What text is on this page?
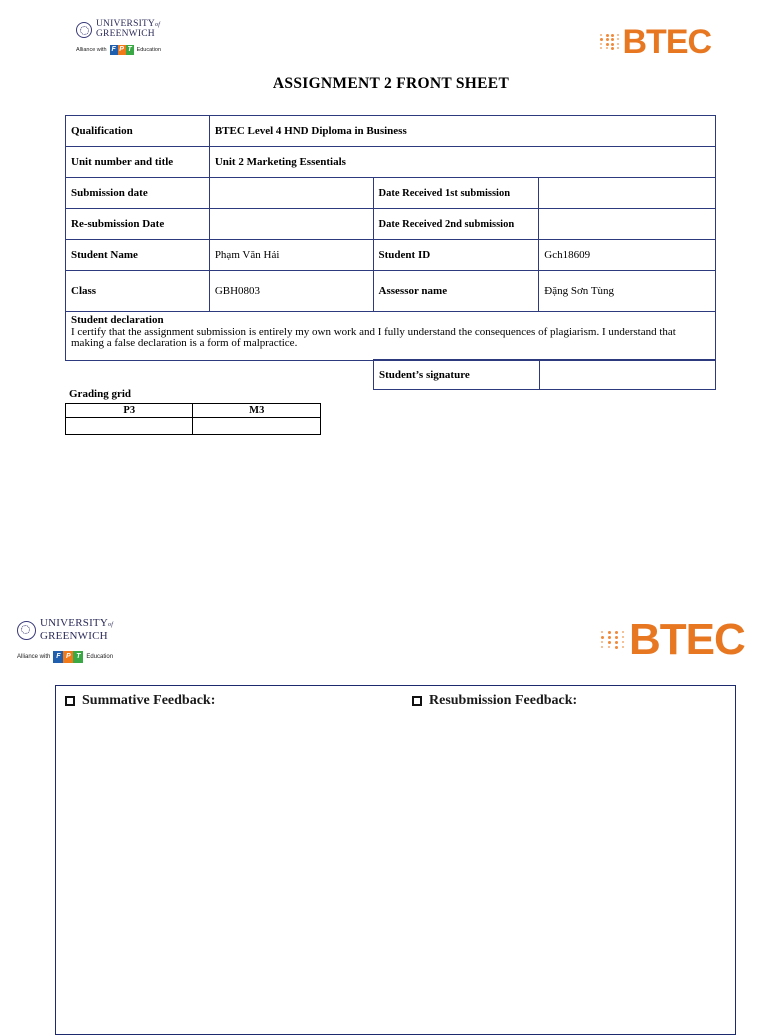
UNIVERSITYof
GREENWICH
Alliance with F P T Education	BTEC
ASSIGNMENT 2 FRONT SHEET
Qualification	BTEC Level 4 HND Diploma in Business		
Unit number and title	Unit 2 Marketing Essentials		
Submission date		Date Received 1st submission	
Re-submission Date		Date Received 2nd submission	
Student Name	Phạm Văn Hải	Student ID	Gch18609
Class	GBH0803	Assessor name	Đặng Sơn Tùng

Student declaration
I certify that the assignment submission is entirely my own work and I fully understand the consequences of plagiarism. I understand that making a false declaration is a form of malpractice.			
Student’s signature	
Grading grid
P3	M3

UNIVERSITYof
GREENWICH
Alliance with F P T Education	BTEC
Summative Feedback:	Resubmission Feedback:
